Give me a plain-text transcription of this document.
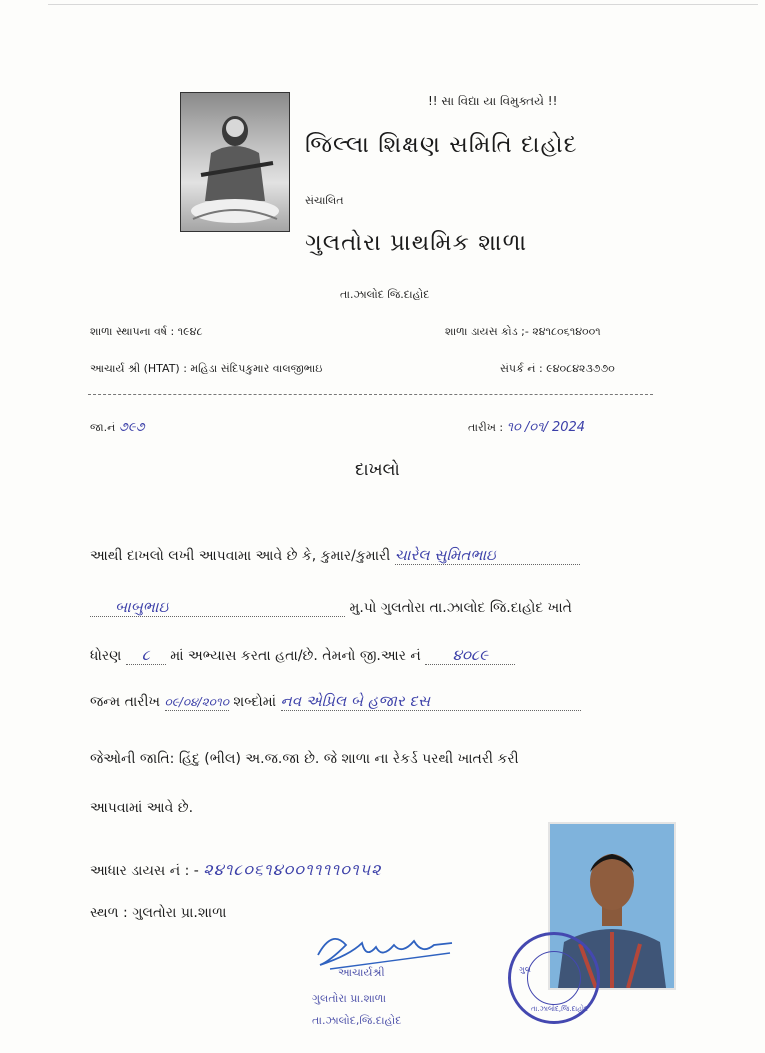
!! સા વિદ્યા યા વિમુક્તયે !!
જિલ્લા શિક્ષણ સમિતિ દાહોદ
સંચાલિત
ગુલતોરા પ્રાથમિક શાળા
તા.ઝાલોદ જિ.દાહોદ
શાળા સ્થાપના વર્ષ : ૧૯૪૮	શાળા ડાયસ કોડ ;- ૨૪૧૮૦૬૧૪૦૦૧
આચાર્ય શ્રી (HTAT) : મહિડા સંદિપકુમાર વાલજીભાઇ	સંપર્ક નં : ૯૪૦૮૪૨૩૭૭૦
જા.નં ૭૯૭	તારીખ : ૧૦ /૦૧/ 2024
દાખલો
આથી દાખલો લખી આપવામા આવે છે કે, કુમાર/કુમારી ચારેલ સુમિતભાઇ
બાબુભાઇ	મુ.પો ગુલતોરા તા.ઝાલોદ જિ.દાહોદ ખાતે
ધોરણ ૮ માં અભ્યાસ કરતા હતા/છે. તેમનો જી.આર નં ૪૦૮૯
જન્મ તારીખ ૦૯/૦૪/૨૦૧૦ શબ્દોમાં નવ એપ્રિલ બે હજાર દસ
જેઓની જાતિ: હિંદુ (ભીલ) અ.જ.જા છે. જે શાળા ના રેકર્ડ પરથી ખાતરી કરી
આપવામાં આવે છે.
આધાર ડાયસ નં : - ૨૪૧૮૦૬૧૪૦૦૧૧૧૧૦૧૫૨
સ્થળ : ગુલતોરા પ્રા.શાળા
ગુલ
તા.ઝાલોદ,જિ.દાહોદ
આચાર્યશ્રી
ગુલતોરા પ્રા.શાળા
તા.ઝાલોદ,જિ.દાહોદ
